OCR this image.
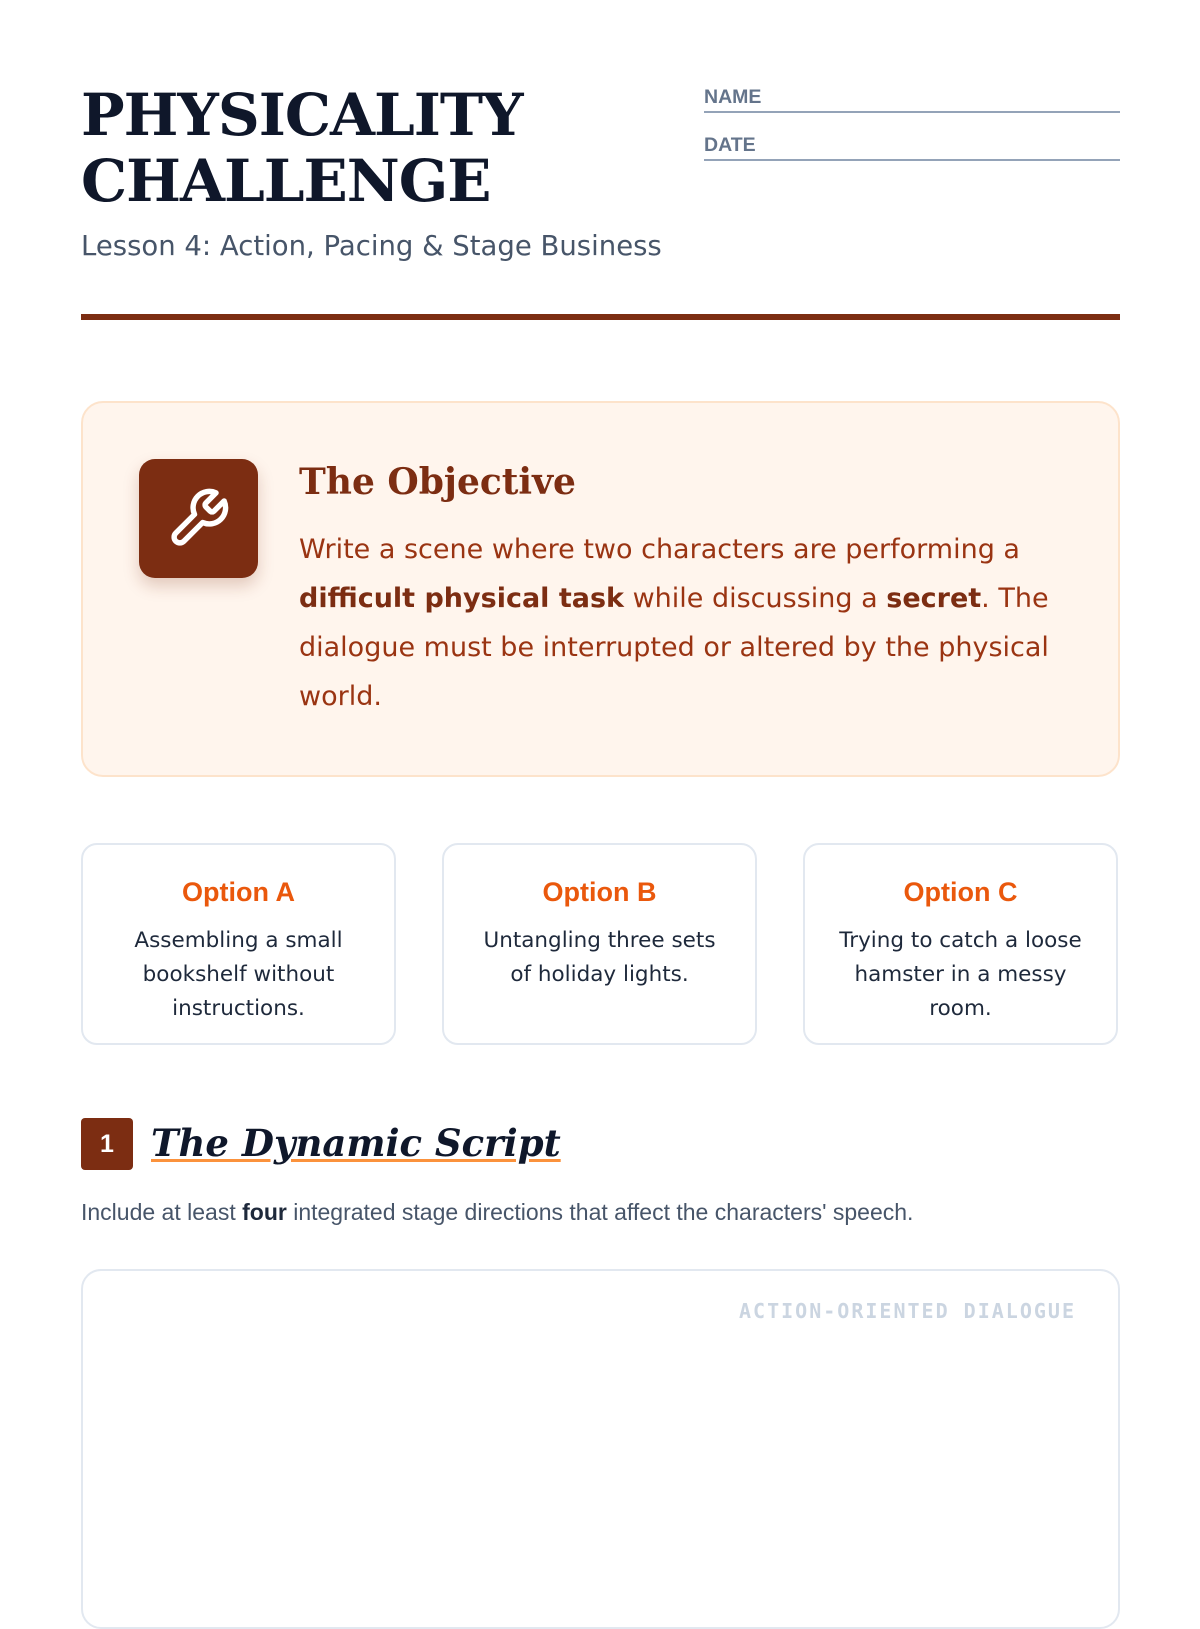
PHYSICALITY
CHALLENGE
Lesson 4: Action, Pacing & Stage Business
NAME
DATE
The Objective

Write a scene where two characters are performing a difficult physical task while discussing a secret. The dialogue must be interrupted or altered by the physical world.

Option A
Assembling a small bookshelf without instructions.
Option B
Untangling three sets of holiday lights.
Option C
Trying to catch a loose hamster in a messy room.
1	The Dynamic Script
Include at least four integrated stage directions that affect the characters' speech.
ACTION-ORIENTED DIALOGUE
